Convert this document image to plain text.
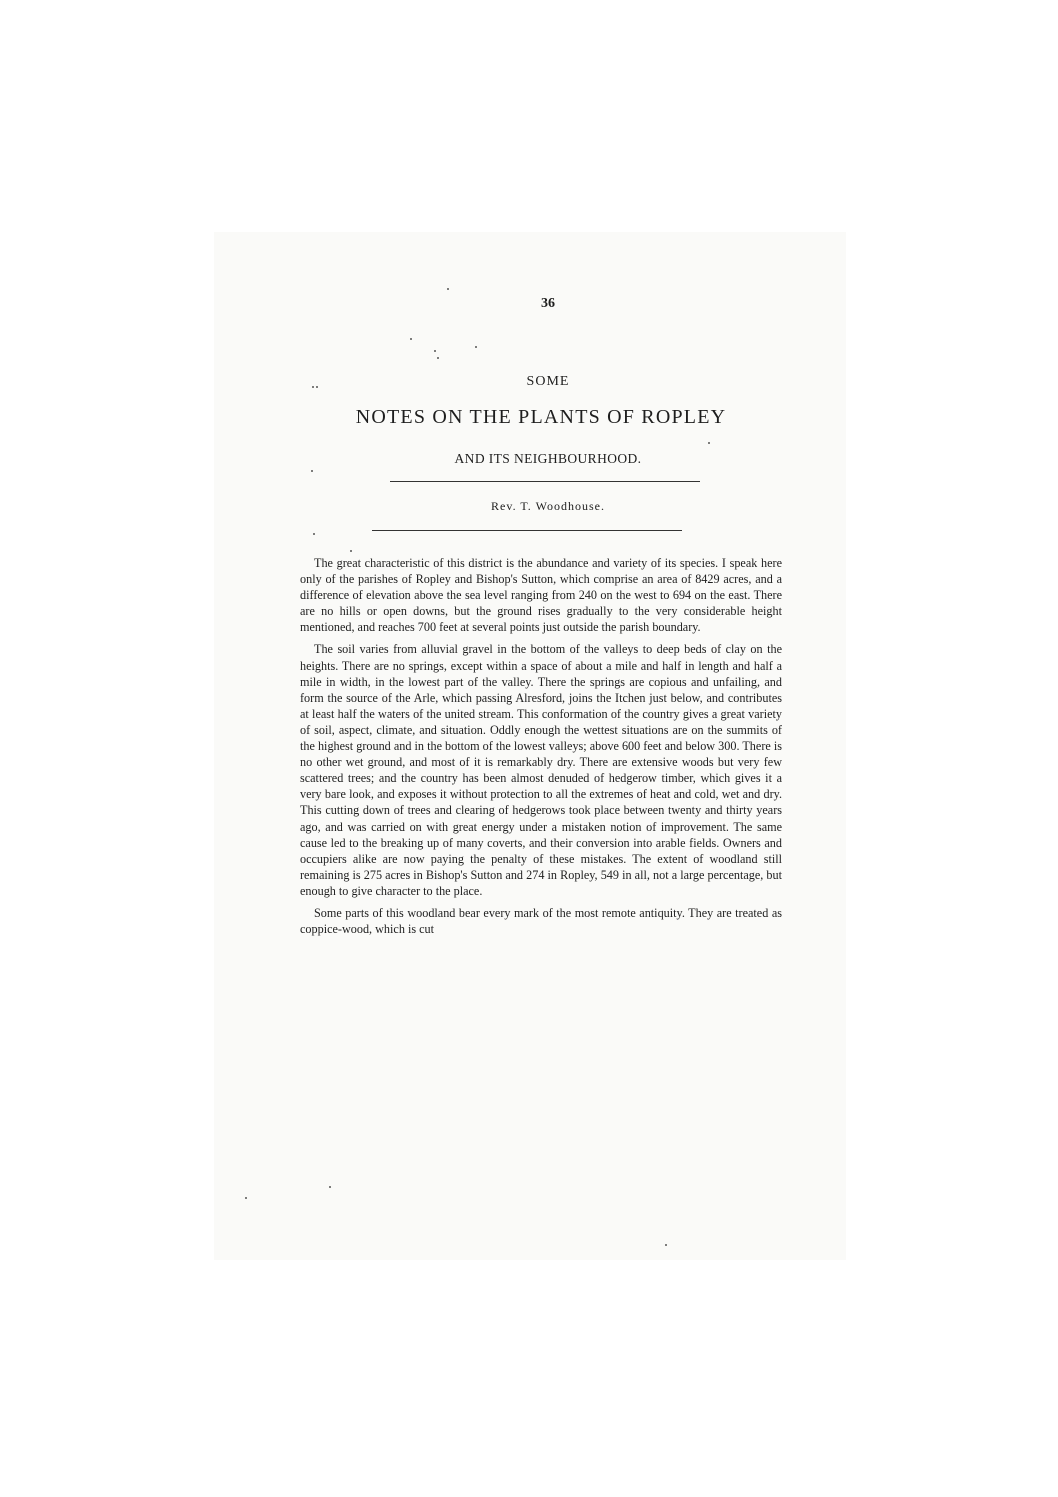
36
SOME
NOTES ON THE PLANTS OF ROPLEY
AND ITS NEIGHBOURHOOD.
Rev. T. Woodhouse.

The great characteristic of this district is the abundance and variety of its species. I speak here only of the parishes of Ropley and Bishop's Sutton, which comprise an area of 8429 acres, and a difference of elevation above the sea level ranging from 240 on the west to 694 on the east. There are no hills or open downs, but the ground rises gradually to the very considerable height mentioned, and reaches 700 feet at several points just outside the parish boundary.

The soil varies from alluvial gravel in the bottom of the valleys to deep beds of clay on the heights. There are no springs, except within a space of about a mile and half in length and half a mile in width, in the lowest part of the valley. There the springs are copious and unfailing, and form the source of the Arle, which passing Alresford, joins the Itchen just below, and contributes at least half the waters of the united stream. This conformation of the country gives a great variety of soil, aspect, climate, and situation. Oddly enough the wettest situations are on the summits of the highest ground and in the bottom of the lowest valleys; above 600 feet and below 300. There is no other wet ground, and most of it is remarkably dry. There are extensive woods but very few scattered trees; and the country has been almost denuded of hedgerow timber, which gives it a very bare look, and exposes it without protection to all the extremes of heat and cold, wet and dry. This cutting down of trees and clearing of hedgerows took place between twenty and thirty years ago, and was carried on with great energy under a mistaken notion of improvement. The same cause led to the breaking up of many coverts, and their conversion into arable fields. Owners and occupiers alike are now paying the penalty of these mistakes. The extent of woodland still remaining is 275 acres in Bishop's Sutton and 274 in Ropley, 549 in all, not a large percentage, but enough to give character to the place.

Some parts of this woodland bear every mark of the most remote antiquity. They are treated as coppice-wood, which is cut
